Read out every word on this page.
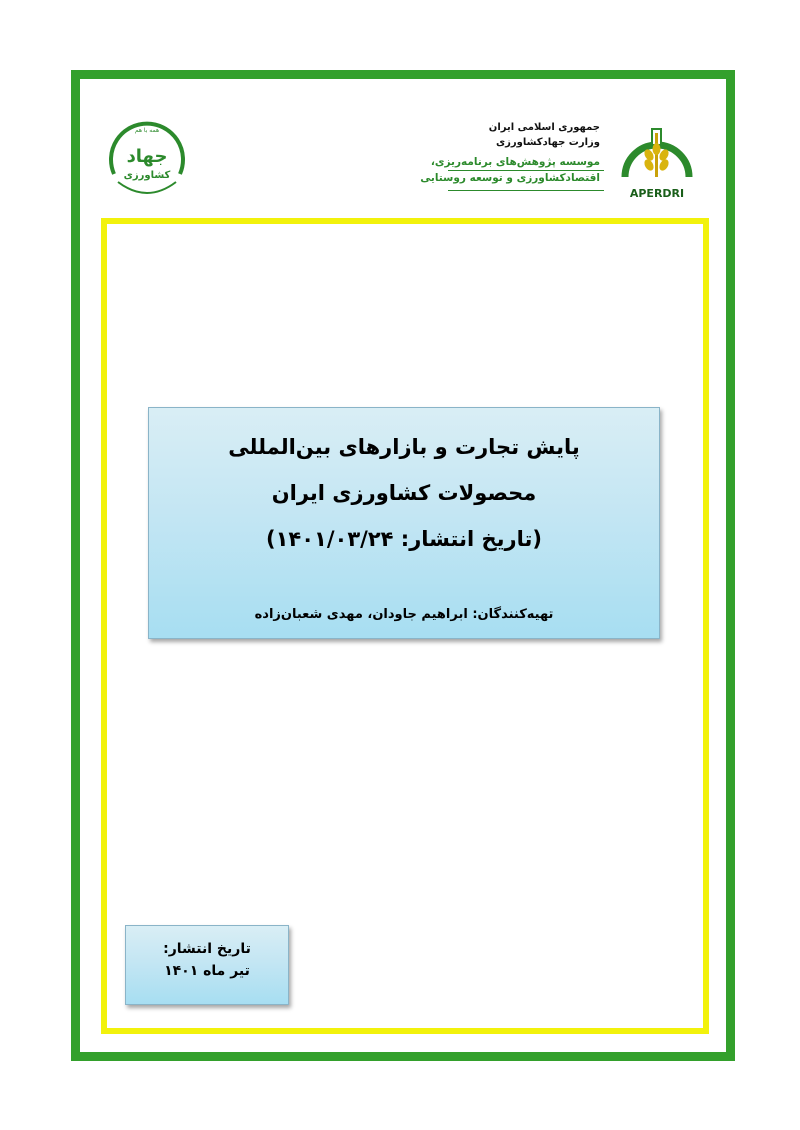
همه با هم
جهاد
کشاورزی
APERDRI
جمهوری اسلامی ایران
وزارت جهادکشاورزی
موسسه پژوهش‌های برنامه‌ریزی،
اقتصادکشاورزی و توسعه روستایی
پایش تجارت و بازارهای بین‌المللی
محصولات کشاورزی ایران
(تاریخ انتشار: ۱۴۰۱/۰۳/۲۴)
تهیه‌کنندگان: ابراهیم جاودان، مهدی شعبان‌زاده
تاریخ انتشار:
تیر ماه ۱۴۰۱
